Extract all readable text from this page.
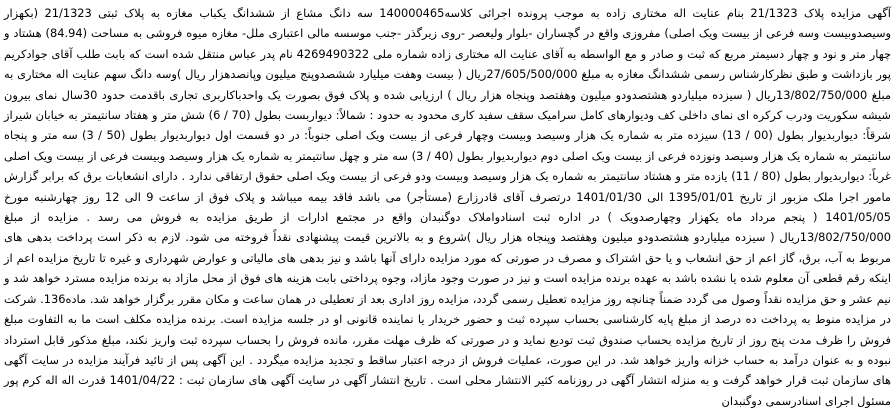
آگهی مزایده پلاک 21/1323 بنام عنایت اله مختاری زاده به موجب پرونده اجرائی کلاسه140000465 سه دانگ مشاع از ششدانگ یکباب مغازه به پلاک ثبتی 21/1323 (بکهزار وسیصدوبیست وسه فرعی از بیست ویک اصلی) مفروزی واقع در گچساران -بلوار ولیعصر -روی زیرگذر -جنب موسسه مالی اعتباری ملل- مغازه میوه فروشی به مساحت (84.94) هشتاد و چهار متر و نود و چهار دسیمتر مربع که ثبت و صادر و مع الواسطه به آقای عنایت اله مختاری زاده شماره ملی 4269490322 نام پدر عباس منتقل شده است که بابت طلب آقای جوادکریم پور بازداشت و طبق نظرکارشناس رسمی ششدانگ مغازه به مبلغ 27/605/500/000ریال ( بیست وهفت میلیارد ششصدوپنج میلیون وپانصدهزار ریال )وسه دانگ سهم عنایت اله مختاری به مبلغ 13/802/750/000ریال ( سیزده میلیاردو هشتصدودو میلیون وهفتصد وپنجاه هزار ریال ) ارزیابی شده و پلاک فوق بصورت یک واحدباکاربری تجاری باقدمت حدود 30سال نمای بیرون شیشه سکوریت ودرب کرکره ای نمای داخلی کف ودیوارهای کامل سرامیک سقف سفید کاری محدود به حدود : شمالاً: دیواربست بطول (70 / 6) شش متر و هفتاد سانتیمتر به خیابان شیراز شرقاً: دیواربدیوار بطول (00 / 13) سیزده متر به شماره یک هزار وسیصد وبیست وچهار فرعی از بیست ویک اصلی جنوباً: در دو قسمت اول دیواربدیوار بطول (50 / 3) سه متر و پنجاه سانتیمتر به شماره یک هزار وسیصد ونوزده فرعی از بیست ویک اصلی دوم دیواربدیوار بطول (40 / 3) سه متر و چهل سانتیمتر به شماره یک هزار وسیصد وبیست فرعی از بیست ویک اصلی غرباً: دیواربدیوار بطول (80 / 11) یازده متر و هشتاد سانتیمتر به شماره یک هزار وسیصد وبیست ودو فرعی از بیست ویک اصلی حقوق ارتفاقی ندارد . دارای انشعابات برق که برابر گزارش مامور اجرا ملک مزبور از تاریخ 1395/01/01 الی 1401/01/30 درتصرف آقای قادرزارع (مستأجر) می باشد فاقد بیمه میباشد و پلاک فوق از ساعت 9 الی 12 روز چهارشنبه مورخ 1401/05/05 ( پنجم مرداد ماه یکهزار وچهارصدویک ) در اداره ثبت اسنادواملاک دوگنبدان واقع در مجتمع ادارات از طریق مزایده به فروش می رسد . مزایده از مبلغ 13/802/750/000ریال ( سیزده میلیاردو هشتصدودو میلیون وهفتصد وپنجاه هزار ریال )شروع و به بالاترین قیمت پیشنهادی نقداً فروخته می شود. لازم به ذکر است پرداخت بدهی های مربوط به آب، برق، گاز اعم از حق انشعاب و یا حق اشتراک و مصرف در صورتی که مورد مزایده دارای آنها باشد و نیز بدهی های مالیاتی و عوارض شهرداری و غیره تا تاریخ مزایده اعم از اینکه رقم قطعی آن معلوم شده یا نشده باشد به عهده برنده مزایده است و نیز در صورت وجود مازاد، وجوه پرداختی بابت هزینه های فوق از محل مازاد به برنده مزایده مسترد خواهد شد و نیم عشر و حق مزایده نقداً وصول می گردد ضمناً چنانچه روز مزایده تعطیل رسمی گردد، مزایده روز اداری بعد از تعطیلی در همان ساعت و مکان مقرر برگزار خواهد شد. ماده136. شرکت در مزایده منوط به پرداخت ده درصد از مبلغ پایه کارشناسی بحساب سپرده ثبت و حضور خریدار یا نماینده قانونی او در جلسه مزایده است. برنده مزایده مکلف است ما به التفاوت مبلغ فروش را ظرف مدت پنج روز از تاریخ مزایده بحساب صندوق ثبت تودیع نماید و در صورتی که ظرف مهلت مقرر، مانده فروش را بحساب سپرده ثبت واریز نکند، مبلغ مذکور قابل استرداد نبوده و به عنوان درآمد به حساب خزانه واریز خواهد شد. در این صورت، عملیات فروش از درجه اعتبار ساقط و تجدید مزایده میگردد . این آگهی پس از تائید فرآیند مزایده در سایت آگهی های سازمان ثبت قرار خواهد گرفت و به منزله انتشار آگهی در روزنامه کثیر الانتشار محلی است . تاریخ انتشار آگهی در سایت آگهی های سازمان ثبت : 1401/04/22 قدرت اله اله کرم پور مسئول اجرای اسنادرسمی دوگنبدان
